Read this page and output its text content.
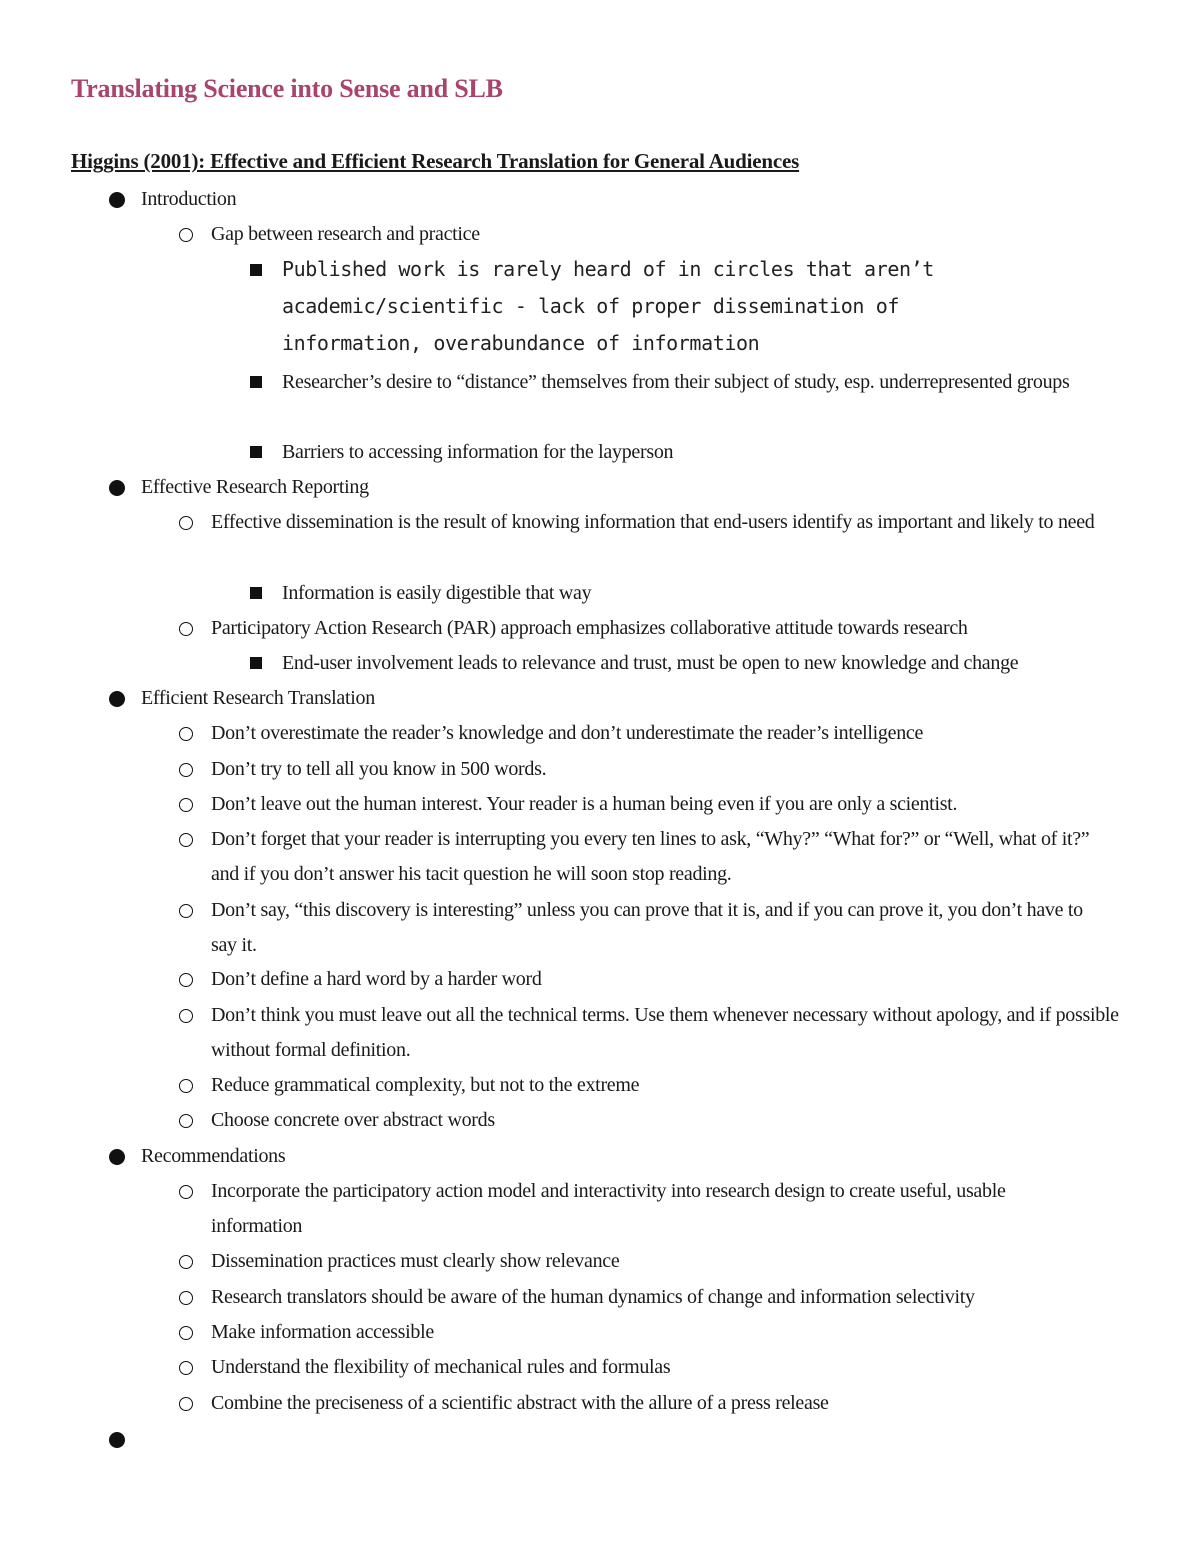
Translating Science into Sense and SLB
Higgins (2001): Effective and Efficient Research Translation for General Audiences
Introduction
Gap between research and practice
Published work is rarely heard of in circles that aren’t academic/scientific - lack of proper dissemination of information, overabundance of information
Researcher’s desire to “distance” themselves from their subject of study, esp. underrepresented groups
Barriers to accessing information for the layperson
Effective Research Reporting
Effective dissemination is the result of knowing information that end-users identify as important and likely to need
Information is easily digestible that way
Participatory Action Research (PAR) approach emphasizes collaborative attitude towards research
End-user involvement leads to relevance and trust, must be open to new knowledge and change
Efficient Research Translation
Don’t overestimate the reader’s knowledge and don’t underestimate the reader’s intelligence
Don’t try to tell all you know in 500 words.
Don’t leave out the human interest. Your reader is a human being even if you are only a scientist.
Don’t forget that your reader is interrupting you every ten lines to ask, “Why?” “What for?” or “Well, what of it?” and if you don’t answer his tacit question he will soon stop reading.
Don’t say, “this discovery is interesting” unless you can prove that it is, and if you can prove it, you don’t have to say it.
Don’t define a hard word by a harder word
Don’t think you must leave out all the technical terms. Use them whenever necessary without apology, and if possible without formal definition.
Reduce grammatical complexity, but not to the extreme
Choose concrete over abstract words
Recommendations
Incorporate the participatory action model and interactivity into research design to create useful, usable information
Dissemination practices must clearly show relevance
Research translators should be aware of the human dynamics of change and information selectivity
Make information accessible
Understand the flexibility of mechanical rules and formulas
Combine the preciseness of a scientific abstract with the allure of a press release
